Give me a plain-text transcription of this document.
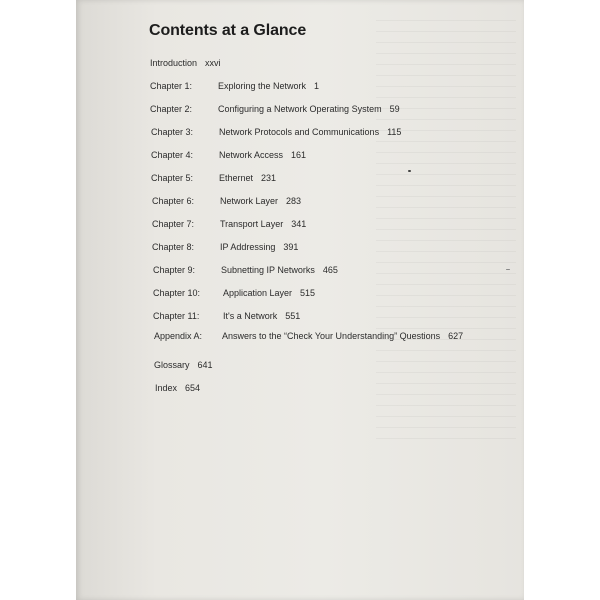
Contents at a Glance
Introduction xxvi
Chapter 1:	Exploring the Network 1
Chapter 2:	Configuring a Network Operating System 59
Chapter 3:	Network Protocols and Communications 115
Chapter 4:	Network Access 161
Chapter 5:	Ethernet 231
Chapter 6:	Network Layer 283
Chapter 7:	Transport Layer 341
Chapter 8:	IP Addressing 391
Chapter 9:	Subnetting IP Networks 465
Chapter 10:	Application Layer 515
Chapter 11:	It's a Network 551
Appendix A: Answers to the “Check Your Understanding” Questions 627
Glossary 641
Index 654
